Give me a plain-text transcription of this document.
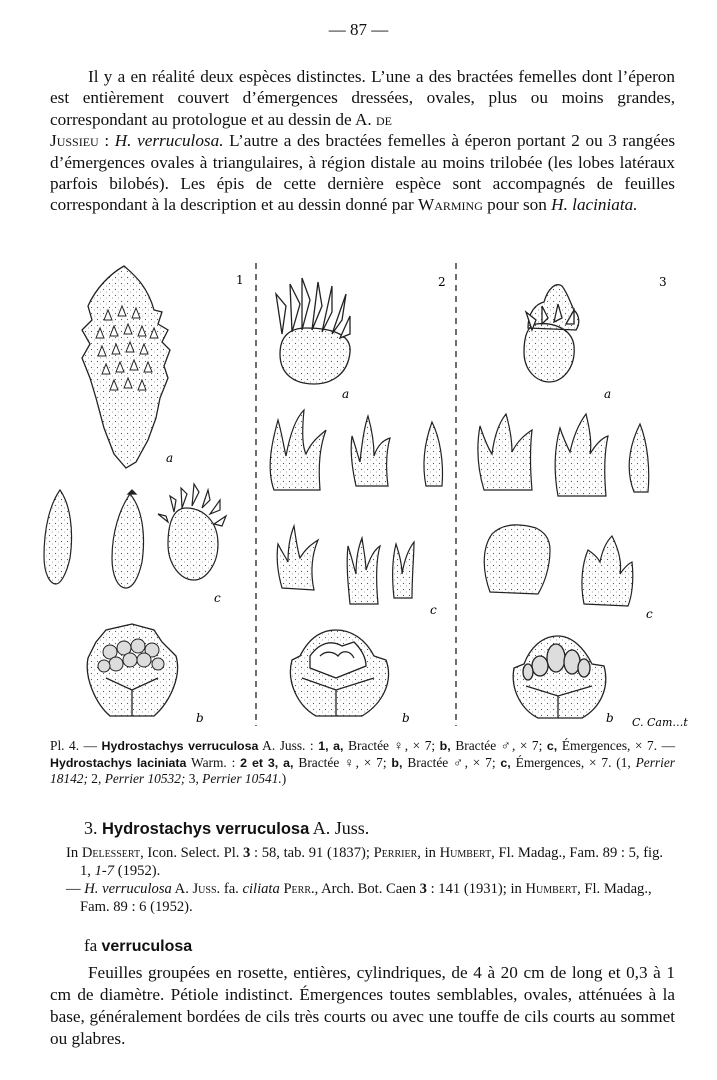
— 87 —
Il y a en réalité deux espèces distinctes. L’une a des bractées femelles dont l’éperon est entièrement couvert d’émergences dressées, ovales, plus ou moins grandes, correspondant au protologue et au dessin de A. de
Jussieu : H. verruculosa. L’autre a des bractées femelles à éperon portant 2 ou 3 rangées d’émergences ovales à triangulaires, à région distale au moins trilobée (les lobes latéraux parfois bilobés). Les épis de cette dernière espèce sont accompagnés de feuilles correspondant à la description et au dessin donné par Warming pour son H. laciniata.
1	2	3
a
c
b
a
c
b
a
c
b C. Cam…t
Pl. 4. — Hydrostachys verruculosa A. Juss. : 1, a, Bractée ♀, × 7; b, Bractée ♂, × 7; c, Émergences, × 7. — Hydrostachys laciniata Warm. : 2 et 3, a, Bractée ♀, × 7; b, Bractée ♂, × 7; c, Émergences, × 7. (1, Perrier 18142; 2, Perrier 10532; 3, Perrier 10541.)
3. Hydrostachys verruculosa A. Juss.
In Delessert, Icon. Select. Pl. 3 : 58, tab. 91 (1837); Perrier, in Humbert, Fl. Madag., Fam. 89 : 5, fig. 1, 1-7 (1952).
— H. verruculosa A. Juss. fa. ciliata Perr., Arch. Bot. Caen 3 : 141 (1931); in Humbert, Fl. Madag., Fam. 89 : 6 (1952).
fa verruculosa
Feuilles groupées en rosette, entières, cylindriques, de 4 à 20 cm de long et 0,3 à 1 cm de diamètre. Pétiole indistinct. Émergences toutes semblables, ovales, atténuées à la base, généralement bordées de cils très courts ou avec une touffe de cils courts au sommet ou glabres.
